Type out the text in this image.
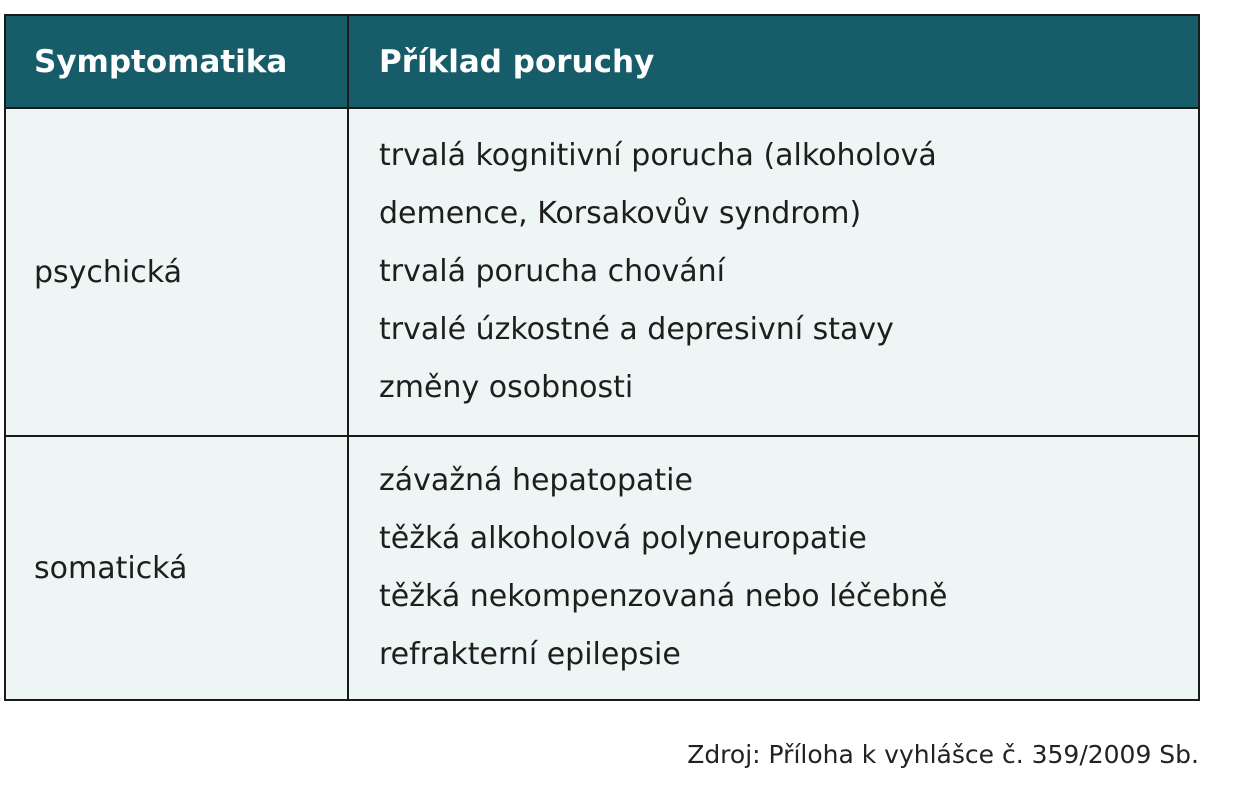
Symptomatika	Příklad poruchy
psychická
trvalá kognitivní porucha (alkoholová
demence, Korsakovův syndrom)
trvalá porucha chování
trvalé úzkostné a depresivní stavy
změny osobnosti
somatická
závažná hepatopatie
těžká alkoholová polyneuropatie
těžká nekompenzovaná nebo léčebně
refrakterní epilepsie
Zdroj: Příloha k vyhlášce č. 359/2009 Sb.
